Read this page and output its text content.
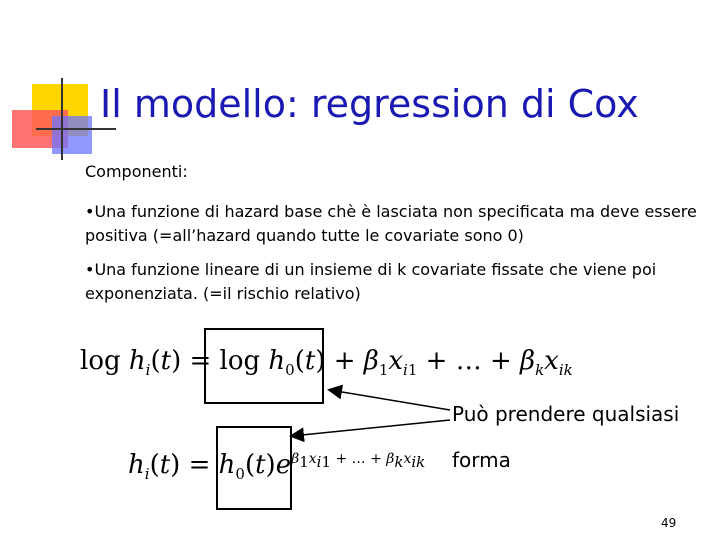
Il modello: regression di Cox
Componenti:
•Una funzione di hazard base chè è lasciata non specificata ma deve essere positiva (=all’hazard quando tutte le covariate sono 0)
•Una funzione lineare di un insieme di k covariate fissate che viene poi exponenziata. (=il rischio relativo)
$\log h_i(t) = \log h_0(t) + \beta_1x_{i1}$ + … + $\beta_kx_{ik}$
$h_i(t) = h_0(t)e^{\beta_1x_{i1} + \dots + \beta_kx_{ik}}$
Può prendere qualsiasi
forma
49
